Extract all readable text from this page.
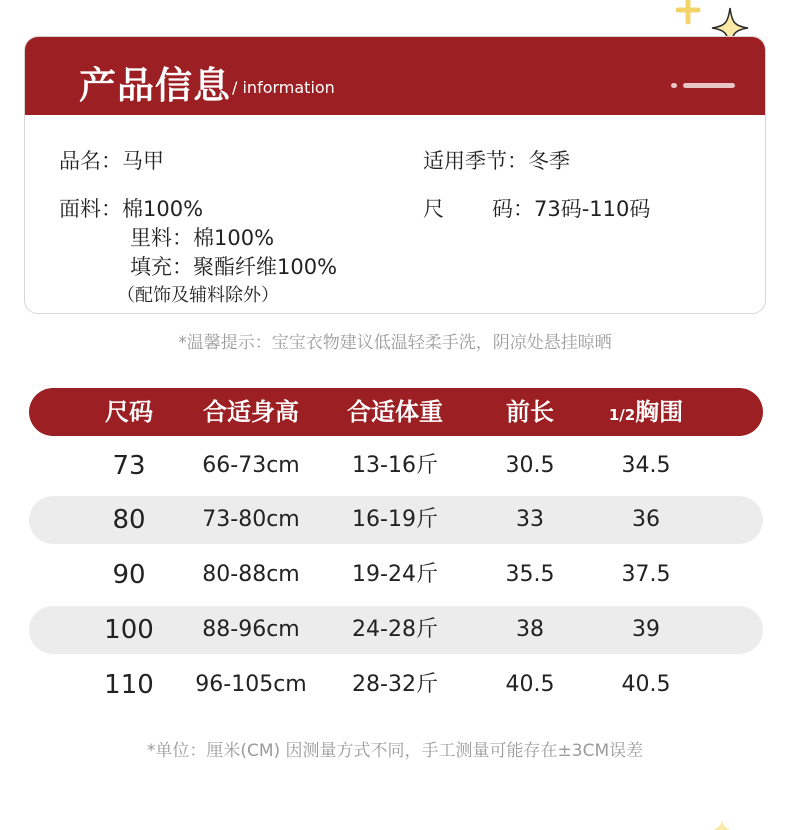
产品信息 / information
品名：马甲	适用季节：冬季
面料：棉100%	尺 码：73码-110码
里料：棉100%
填充：聚酯纤维100%
（配饰及辅料除外）
*温馨提示：宝宝衣物建议低温轻柔手洗，阴凉处悬挂晾晒
尺码 合适身高 合适体重	前长	1/2胸围
73	66-73cm 13-16斤	30.5	34.5
80	73-80cm 16-19斤	33	36
90	80-88cm 19-24斤	35.5	37.5
100 88-96cm 24-28斤	38	39
110 96-105cm 28-32斤	40.5	40.5
*单位：厘米(CM) 因测量方式不同，手工测量可能存在±3CM误差
